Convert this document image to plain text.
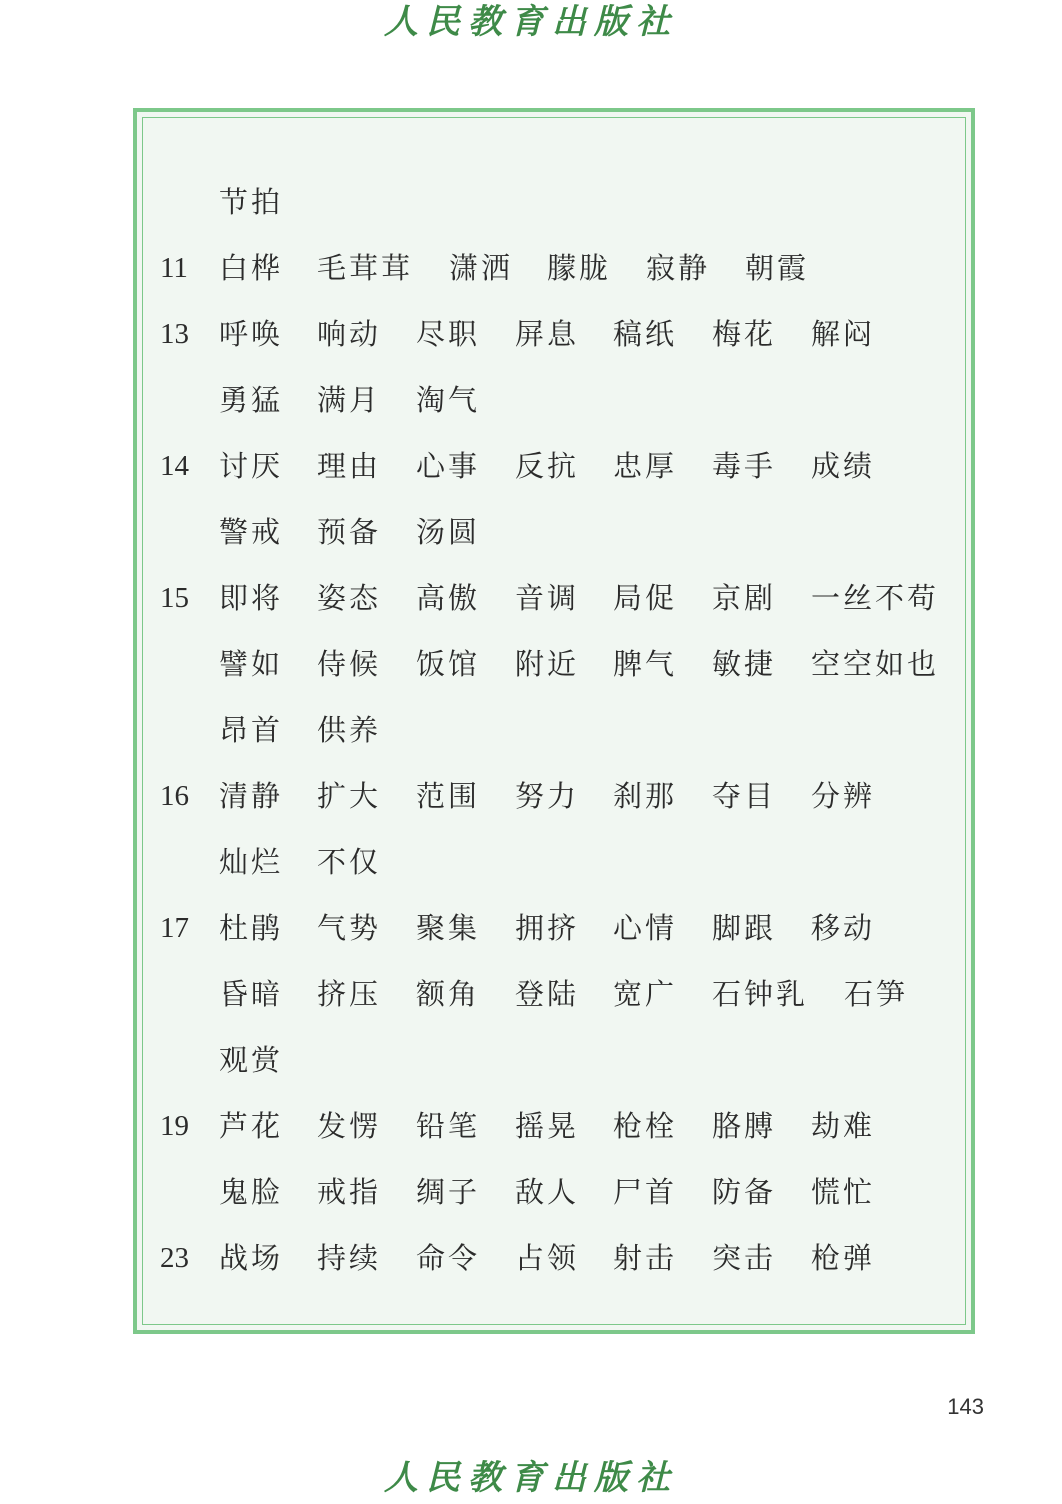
人民教育出版社
节拍
11 白桦 毛茸茸 潇洒 朦胧 寂静 朝霞
13 呼唤 响动 尽职 屏息 稿纸 梅花 解闷
勇猛 满月 淘气
14 讨厌 理由 心事 反抗 忠厚 毒手 成绩
警戒 预备 汤圆
15 即将 姿态 高傲 音调 局促 京剧 一丝不苟
譬如 侍候 饭馆 附近 脾气 敏捷 空空如也
昂首 供养
16 清静 扩大 范围 努力 刹那 夺目 分辨
灿烂 不仅
17 杜鹃 气势 聚集 拥挤 心情 脚跟 移动
昏暗 挤压 额角 登陆 宽广 石钟乳 石笋
观赏
19 芦花 发愣 铅笔 摇晃 枪栓 胳膊 劫难
鬼脸 戒指 绸子 敌人 尸首 防备 慌忙
23 战场 持续 命令 占领 射击 突击 枪弹
143
人民教育出版社
